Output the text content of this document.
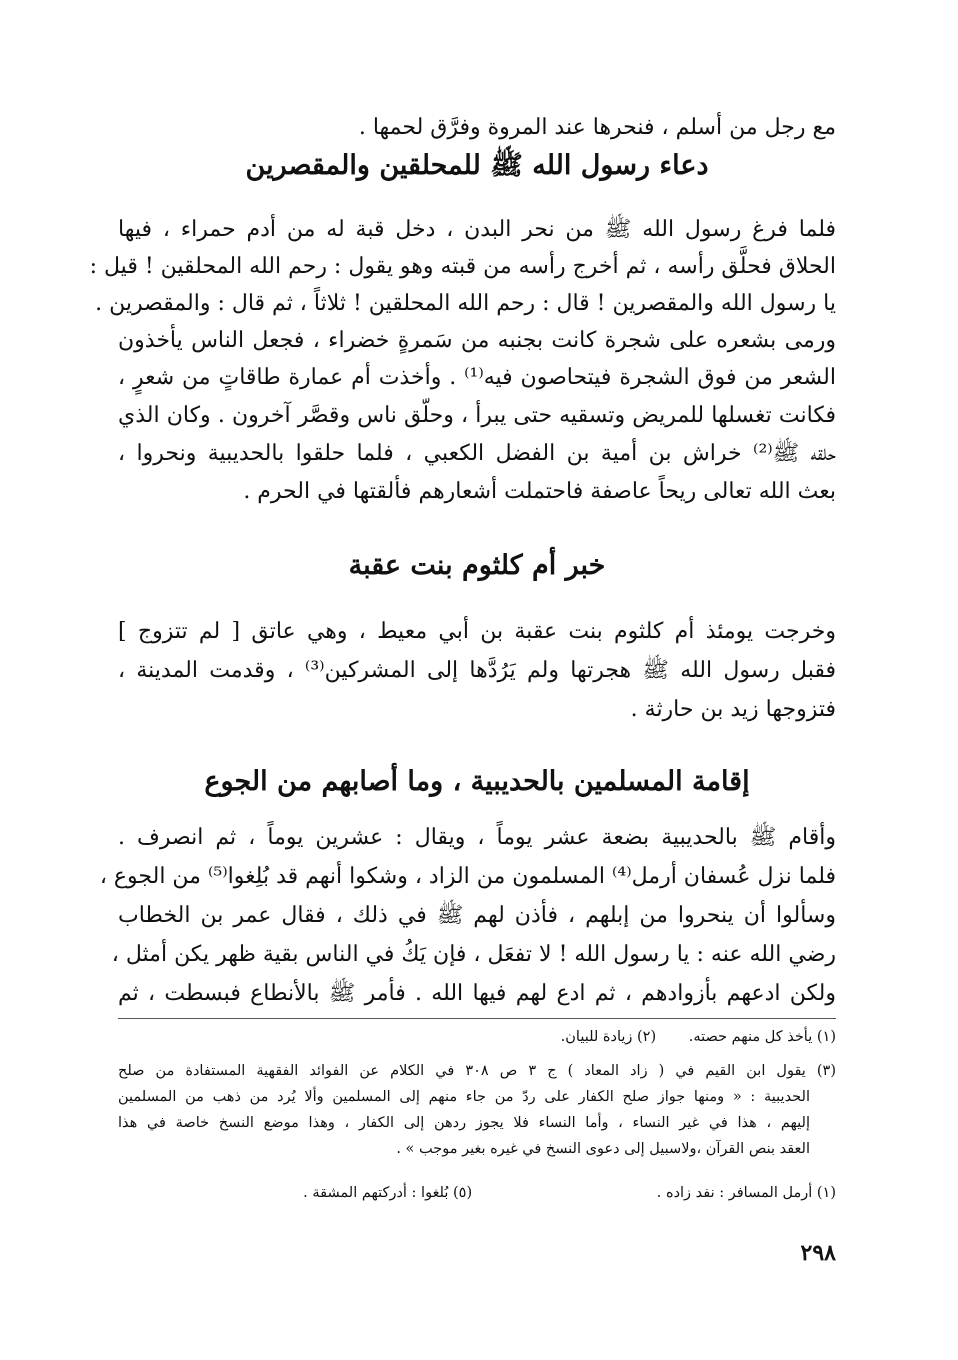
مع رجل من أسلم ، فنحرها عند المروة وفرَّق لحمها .
دعاء رسول الله ﷺ للمحلقين والمقصرين
فلما فرغ رسول الله ﷺ من نحر البدن ، دخل قبة له من أدم حمراء ، فيها
الحلاق فحلَّق رأسه ، ثم أخرج رأسه من قبته وهو يقول : رحم الله المحلقين ! قيل :
يا رسول الله والمقصرين ! قال : رحم الله المحلقين ! ثلاثاً ، ثم قال : والمقصرين .
ورمى بشعره على شجرة كانت بجنبه من سَمرةٍ خضراء ، فجعل الناس يأخذون
الشعر من فوق الشجرة فيتحاصون فيه⁽¹⁾ . وأخذت أم عمارة طاقاتٍ من شعرٍ ،
فكانت تغسلها للمريض وتسقيه حتى يبرأ ، وحلّق ناس وقصَّر آخرون . وكان الذي
حلقه ﷺ⁽²⁾ خراش بن أمية بن الفضل الكعبي ، فلما حلقوا بالحديبية ونحروا ،
بعث الله تعالى ريحاً عاصفة فاحتملت أشعارهم فألقتها في الحرم .
خبر أم كلثوم بنت عقبة
وخرجت يومئذ أم كلثوم بنت عقبة بن أبي معيط ، وهي عاتق [ لم تتزوج ]
فقبل رسول الله ﷺ هجرتها ولم يَرُدَّها إلى المشركين⁽³⁾ ، وقدمت المدينة ،
فتزوجها زيد بن حارثة .
إقامة المسلمين بالحديبية ، وما أصابهم من الجوع
وأقام ﷺ بالحديبية بضعة عشر يوماً ، ويقال : عشرين يوماً ، ثم انصرف .
فلما نزل عُسفان أرمل⁽⁴⁾ المسلمون من الزاد ، وشكوا أنهم قد بُلِغوا⁽⁵⁾ من الجوع ،
وسألوا أن ينحروا من إبلهم ، فأذن لهم ﷺ في ذلك ، فقال عمر بن الخطاب
رضي الله عنه : يا رسول الله ! لا تفعَل ، فإن يَكُ في الناس بقية ظهر يكن أمثل ،
ولكن ادعهم بأزوادهم ، ثم ادع لهم فيها الله . فأمر ﷺ بالأنطاع فبسطت ، ثم
(١) يأخذ كل منهم حصته. (٢) زيادة للبيان.
(٣) يقول ابن القيم في ( زاد المعاد ) ج ٣ ص ٣٠٨ في الكلام عن الفوائد الفقهية المستفادة من صلح
الحديبية : « ومنها جواز صلح الكفار على ردّ من جاء منهم إلى المسلمين وألا يُرد من ذهب من المسلمين
إليهم ، هذا في غير النساء ، وأما النساء فلا يجوز ردهن إلى الكفار ، وهذا موضع النسخ خاصة في هذا
العقد بنص القرآن ،ولاسبيل إلى دعوى النسخ في غيره بغير موجب » .
(١) أرمل المسافر : نفد زاده . (٥) بُلغوا : أدركتهم المشقة .
٢٩٨
